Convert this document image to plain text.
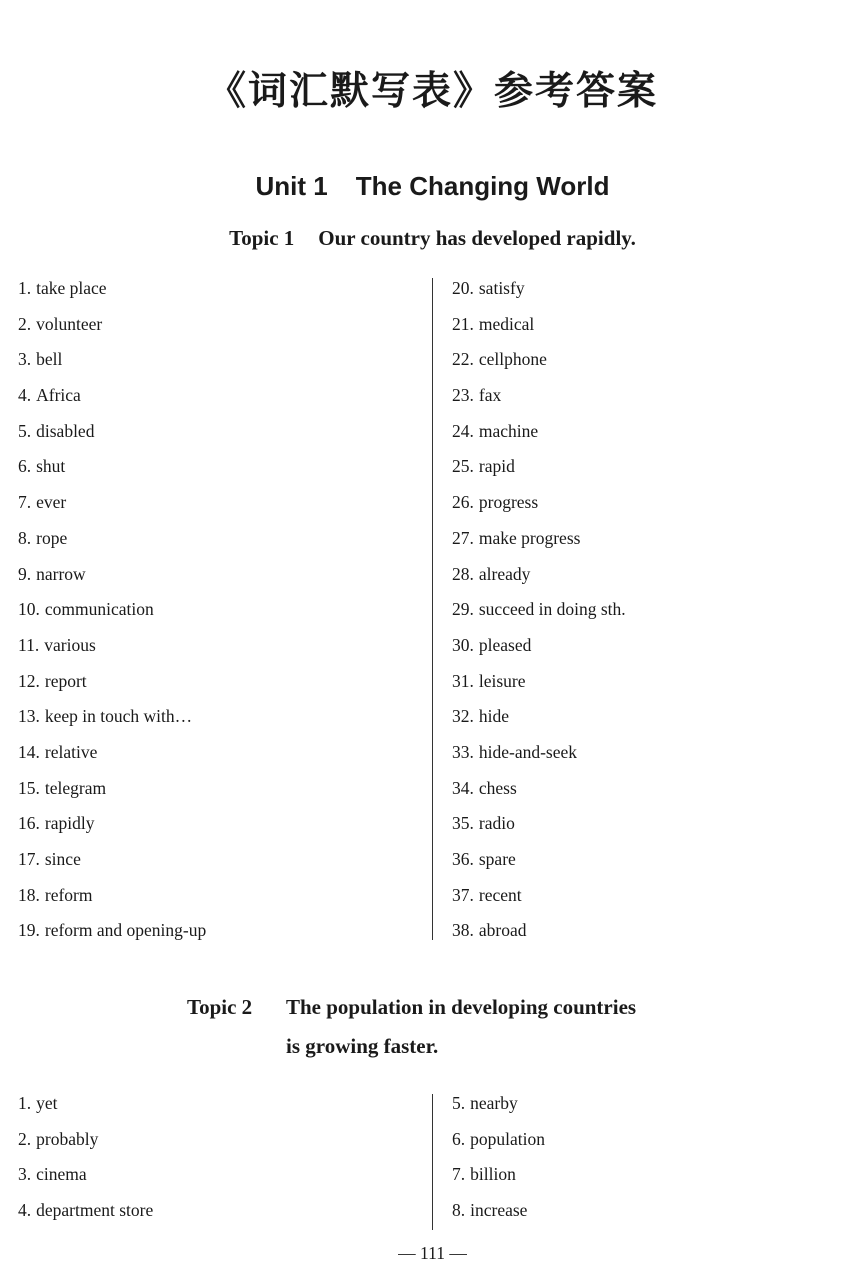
《词汇默写表》参考答案
Unit 1 The Changing World
Topic 1 Our country has developed rapidly.
1. take place
2. volunteer
3. bell
4. Africa
5. disabled
6. shut
7. ever
8. rope
9. narrow
10. communication
11. various
12. report
13. keep in touch with…
14. relative
15. telegram
16. rapidly
17. since
18. reform
19. reform and opening-up
20. satisfy
21. medical
22. cellphone
23. fax
24. machine
25. rapid
26. progress
27. make progress
28. already
29. succeed in doing sth.
30. pleased
31. leisure
32. hide
33. hide-and-seek
34. chess
35. radio
36. spare
37. recent
38. abroad
Topic 2 The population in developing countries
is growing faster.
1. yet
2. probably
3. cinema
4. department store
5. nearby
6. population
7. billion
8. increase
— 111 —
